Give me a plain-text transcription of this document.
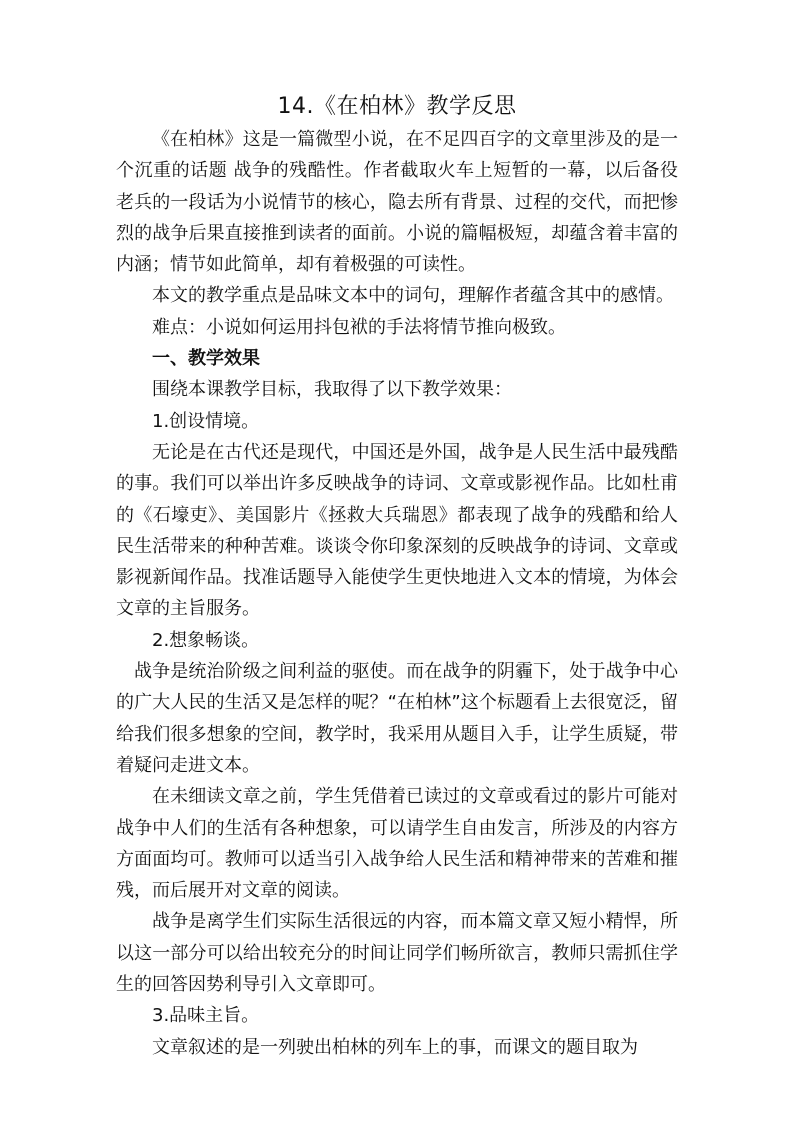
14.《在柏林》教学反思

《在柏林》这是一篇微型小说，在不足四百字的文章里涉及的是一个沉重的话题 战争的残酷性。作者截取火车上短暂的一幕，以后备役老兵的一段话为小说情节的核心，隐去所有背景、过程的交代，而把惨烈的战争后果直接推到读者的面前。小说的篇幅极短，却蕴含着丰富的内涵；情节如此简单，却有着极强的可读性。

本文的教学重点是品味文本中的词句，理解作者蕴含其中的感情。

难点：小说如何运用抖包袱的手法将情节推向极致。

一、教学效果

围绕本课教学目标，我取得了以下教学效果：

1.创设情境。

无论是在古代还是现代，中国还是外国，战争是人民生活中最残酷的事。我们可以举出许多反映战争的诗词、文章或影视作品。比如杜甫的《石壕吏》、美国影片《拯救大兵瑞恩》都表现了战争的残酷和给人民生活带来的种种苦难。谈谈令你印象深刻的反映战争的诗词、文章或影视新闻作品。找准话题导入能使学生更快地进入文本的情境，为体会文章的主旨服务。

2.想象畅谈。

战争是统治阶级之间利益的驱使。而在战争的阴霾下，处于战争中心的广大人民的生活又是怎样的呢？“在柏林”这个标题看上去很宽泛，留给我们很多想象的空间，教学时，我采用从题目入手，让学生质疑，带着疑问走进文本。

在未细读文章之前，学生凭借着已读过的文章或看过的影片可能对战争中人们的生活有各种想象，可以请学生自由发言，所涉及的内容方方面面均可。教师可以适当引入战争给人民生活和精神带来的苦难和摧残，而后展开对文章的阅读。

战争是离学生们实际生活很远的内容，而本篇文章又短小精悍，所以这一部分可以给出较充分的时间让同学们畅所欲言，教师只需抓住学生的回答因势利导引入文章即可。

3.品味主旨。

文章叙述的是一列驶出柏林的列车上的事，而课文的题目取为
